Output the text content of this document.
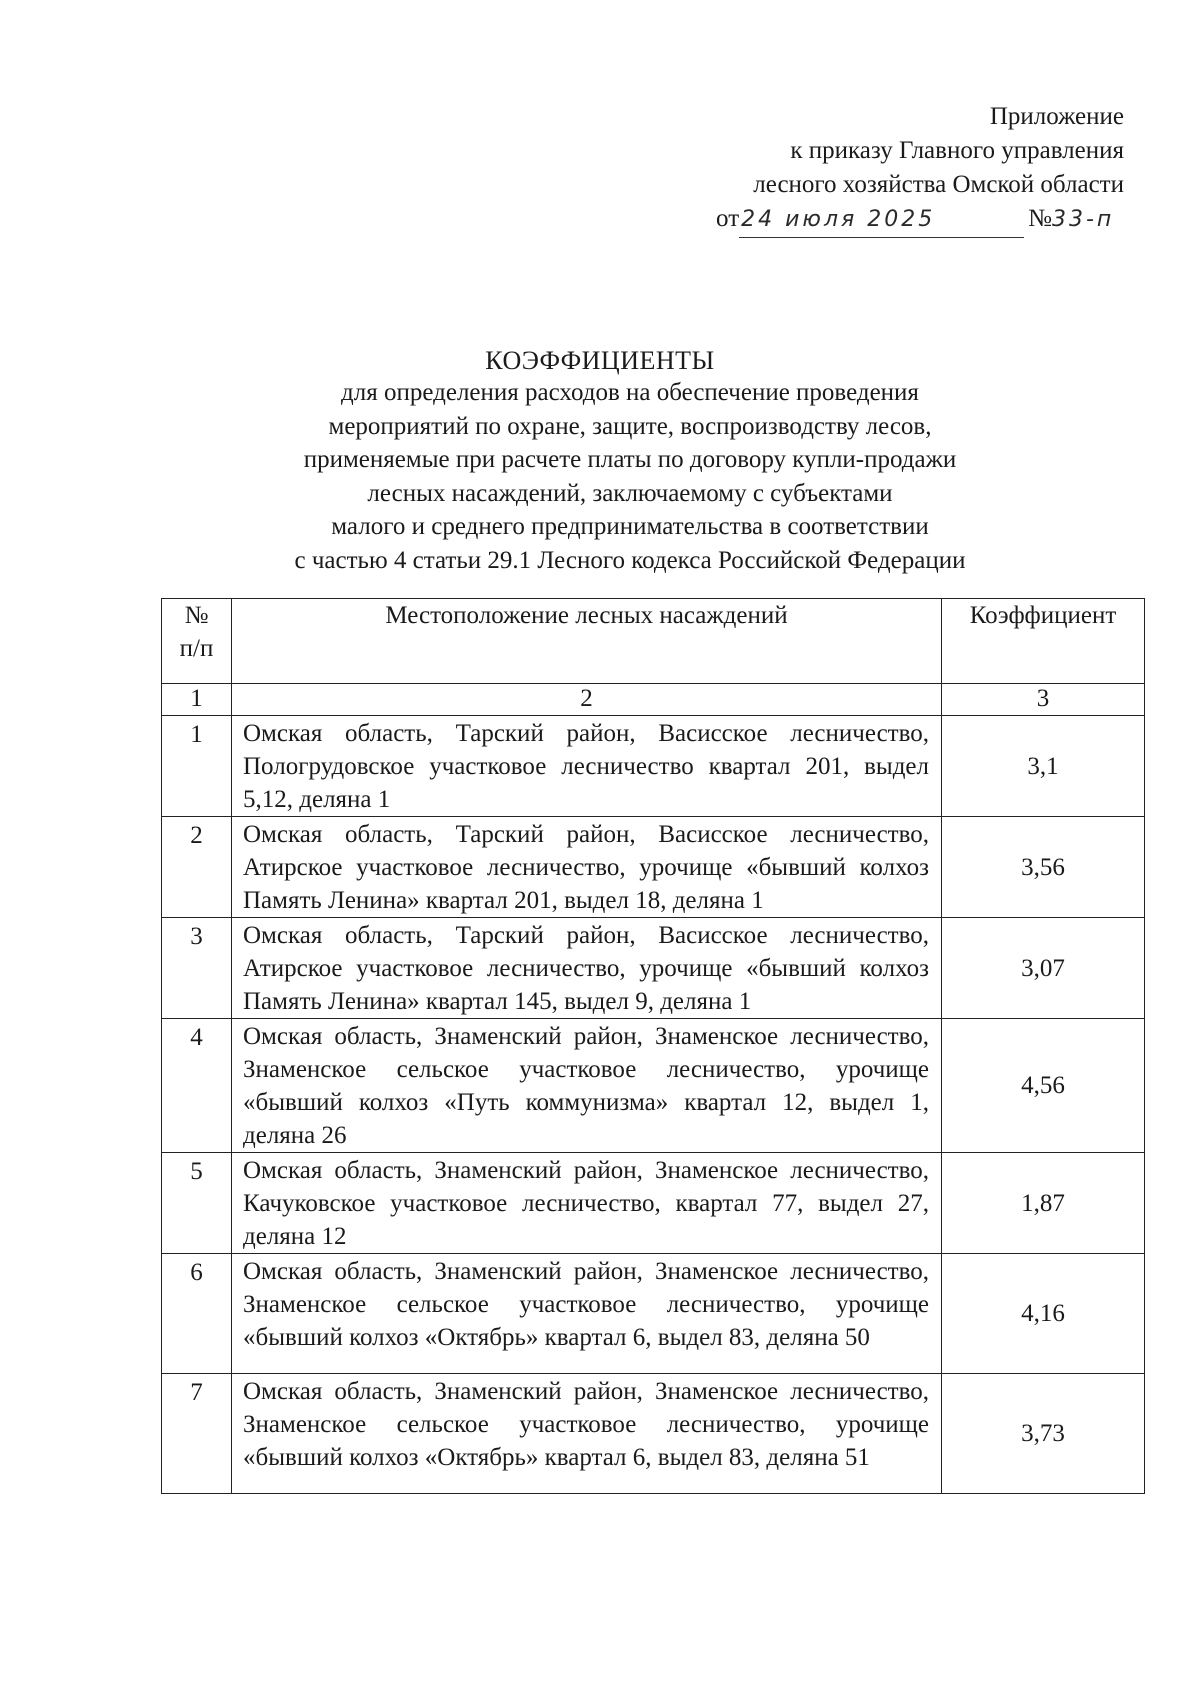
Приложение
к приказу Главного управления
лесного хозяйства Омской области
от 24 июля 2025	№ 33-п
КОЭФФИЦИЕНТЫ
для определения расходов на обеспечение проведения
мероприятий по охране, защите, воспроизводству лесов,
применяемые при расчете платы по договору купли-продажи
лесных насаждений, заключаемому с субъектами
малого и среднего предпринимательства в соответствии
с частью 4 статьи 29.1 Лесного кодекса Российской Федерации
№
п/п	Местоположение лесных насаждений	Коэффициент
1	2	3
1	Омская область, Тарский район, Васисское лесничество, Пологрудовское участковое лесничество квартал 201, выдел 5,12, деляна 1	3,1
2	Омская область, Тарский район, Васисское лесничество, Атирское участковое лесничество, урочище «бывший колхоз Память Ленина» квартал 201, выдел 18, деляна 1	3,56
3	Омская область, Тарский район, Васисское лесничество, Атирское участковое лесничество, урочище «бывший колхоз Память Ленина» квартал 145, выдел 9, деляна 1	3,07
4	Омская область, Знаменский район, Знаменское лесничество, Знаменское сельское участковое лесничество, урочище «бывший колхоз «Путь коммунизма» квартал 12, выдел 1, деляна 26	4,56
5	Омская область, Знаменский район, Знаменское лесничество, Качуковское участковое лесничество, квартал 77, выдел 27, деляна 12	1,87
6	Омская область, Знаменский район, Знаменское лесничество, Знаменское сельское участковое лесничество, урочище «бывший колхоз «Октябрь» квартал 6, выдел 83, деляна 50	4,16
7	Омская область, Знаменский район, Знаменское лесничество, Знаменское сельское участковое лесничество, урочище «бывший колхоз «Октябрь» квартал 6, выдел 83, деляна 51	3,73
